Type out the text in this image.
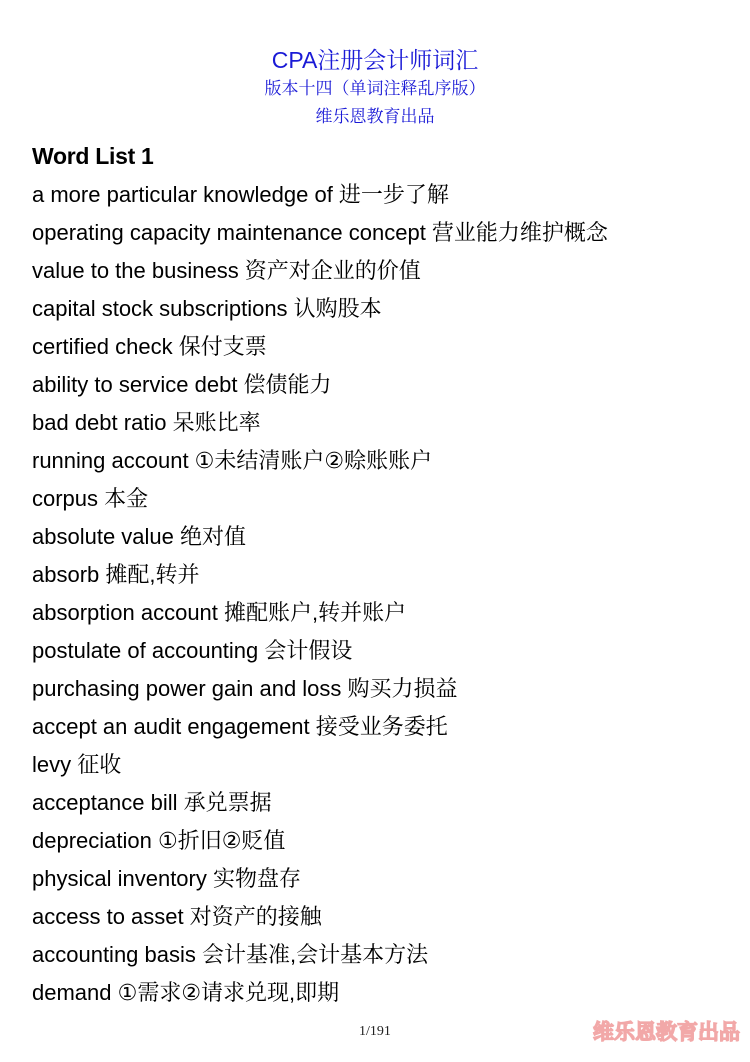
CPA注册会计师词汇
版本十四（单词注释乱序版）
维乐恩教育出品
Word List 1
a more particular knowledge of 进一步了解
operating capacity maintenance concept 营业能力维护概念
value to the business 资产对企业的价值
capital stock subscriptions 认购股本
certified check 保付支票
ability to service debt 偿债能力
bad debt ratio 呆账比率
running account ①未结清账户②赊账账户
corpus 本金
absolute value 绝对值
absorb 摊配,转并
absorption account 摊配账户,转并账户
postulate of accounting 会计假设
purchasing power gain and loss 购买力损益
accept an audit engagement 接受业务委托
levy 征收
acceptance bill 承兑票据
depreciation ①折旧②贬值
physical inventory 实物盘存
access to asset 对资产的接触
accounting basis 会计基准,会计基本方法
demand ①需求②请求兑现,即期
1/191	维乐恩教育出品
